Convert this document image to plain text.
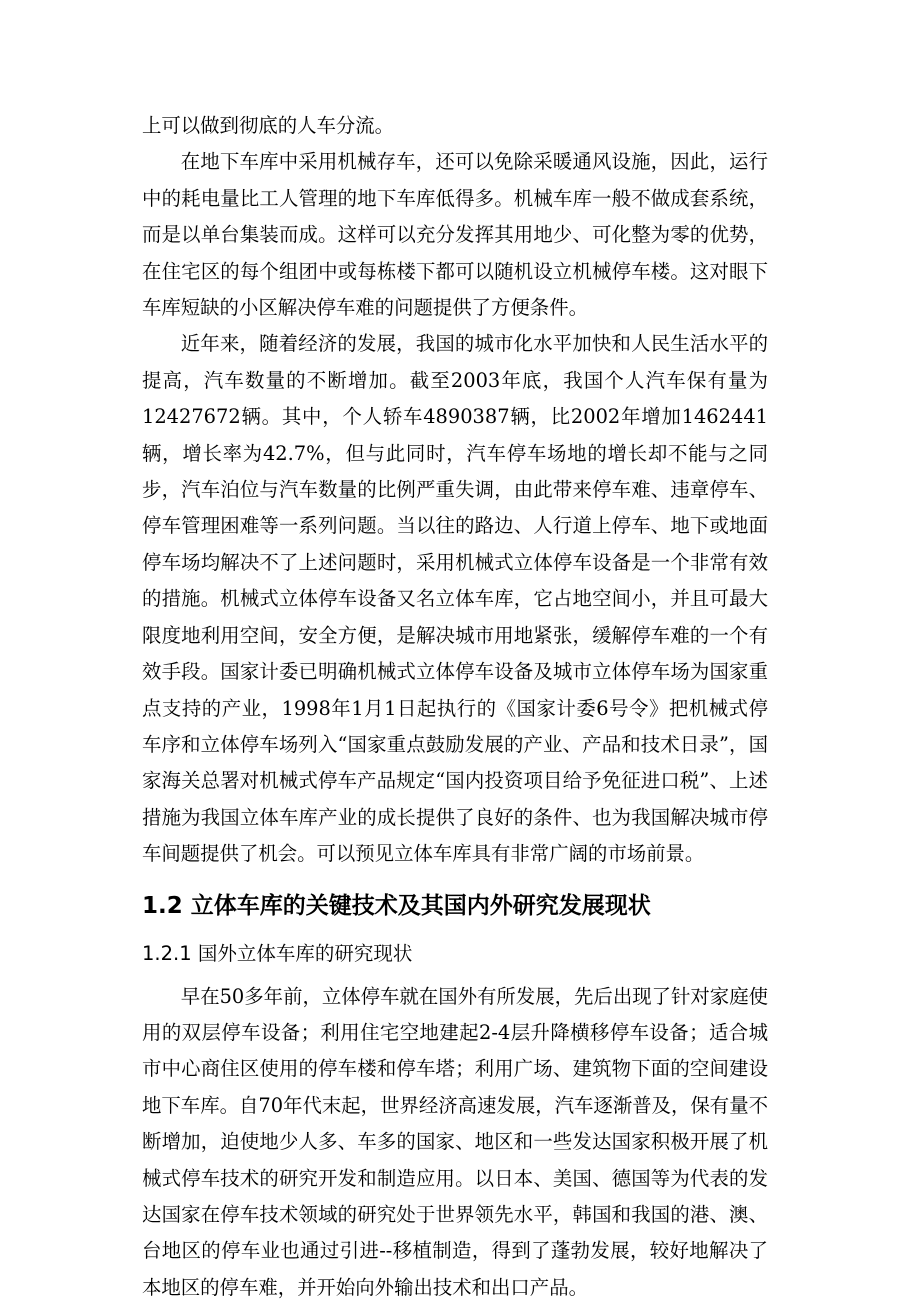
上可以做到彻底的人车分流。

在地下车库中采用机械存车，还可以免除采暖通风设施，因此，运行中的耗电量比工人管理的地下车库低得多。机械车库一般不做成套系统，而是以单台集装而成。这样可以充分发挥其用地少、可化整为零的优势，在住宅区的每个组团中或每栋楼下都可以随机设立机械停车楼。这对眼下车库短缺的小区解决停车难的问题提供了方便条件。

近年来，随着经济的发展，我国的城市化水平加快和人民生活水平的提高，汽车数量的不断增加。截至2003年底，我国个人汽车保有量为12427672辆。其中，个人轿车4890387辆，比2002年增加1462441辆，增长率为42.7%，但与此同时，汽车停车场地的增长却不能与之同步，汽车泊位与汽车数量的比例严重失调，由此带来停车难、违章停车、停车管理困难等一系列问题。当以往的路边、人行道上停车、地下或地面停车场均解决不了上述问题时，采用机械式立体停车设备是一个非常有效的措施。机械式立体停车设备又名立体车库，它占地空间小，并且可最大限度地利用空间，安全方便，是解决城市用地紧张，缓解停车难的一个有效手段。国家计委已明确机械式立体停车设备及城市立体停车场为国家重点支持的产业，1998年1月1日起执行的《国家计委6号令》把机械式停车序和立体停车场列入“国家重点鼓励发展的产业、产品和技术日录”，国家海关总署对机械式停车产品规定“国内投资项目给予免征进口税”、上述措施为我国立体车库产业的成长提供了良好的条件、也为我国解决城市停车间题提供了机会。可以预见立体车库具有非常广阔的市场前景。

1.2 立体车库的关键技术及其国内外研究发展现状
1.2.1 国外立体车库的研究现状

早在50多年前，立体停车就在国外有所发展，先后出现了针对家庭使用的双层停车设备；利用住宅空地建起2-4层升降横移停车设备；适合城市中心商住区使用的停车楼和停车塔；利用广场、建筑物下面的空间建设地下车库。自70年代末起，世界经济高速发展，汽车逐渐普及，保有量不断增加，迫使地少人多、车多的国家、地区和一些发达国家积极开展了机械式停车技术的研究开发和制造应用。以日本、美国、德国等为代表的发达国家在停车技术领域的研究处于世界领先水平，韩国和我国的港、澳、台地区的停车业也通过引进--移植制造，得到了蓬勃发展，较好地解决了本地区的停车难，并开始向外输出技术和出口产品。
